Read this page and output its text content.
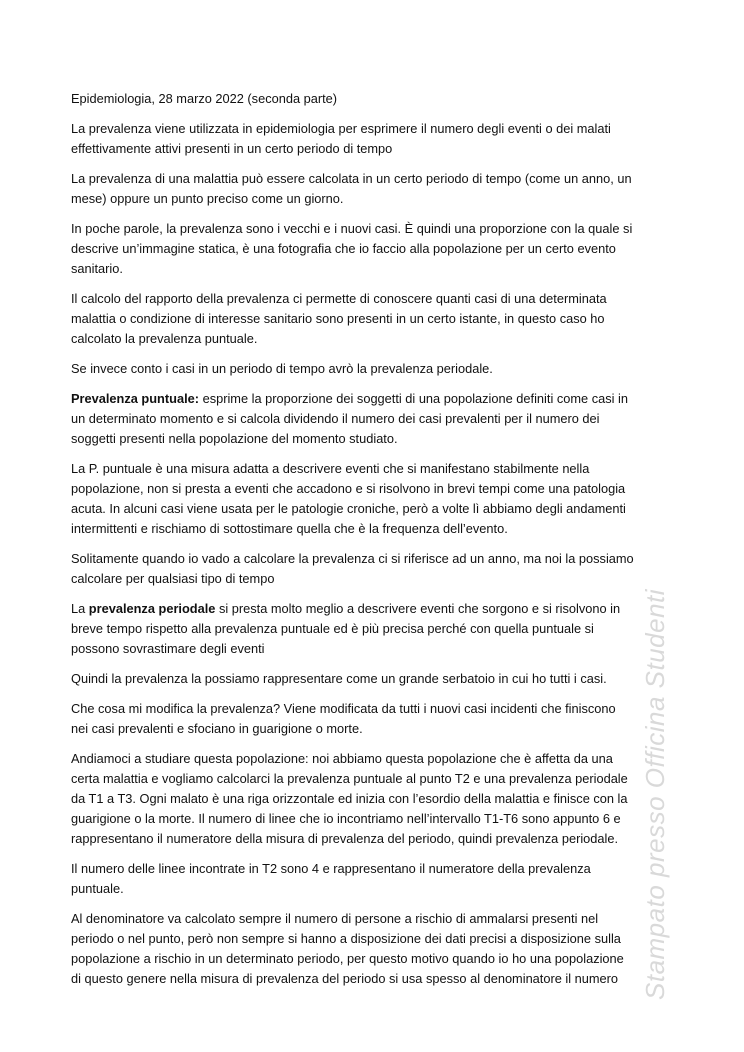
Stampato presso Officina Studenti
Epidemiologia, 28 marzo 2022 (seconda parte)
La prevalenza viene utilizzata in epidemiologia per esprimere il numero degli eventi o dei malati
effettivamente attivi presenti in un certo periodo di tempo
La prevalenza di una malattia può essere calcolata in un certo periodo di tempo (come un anno, un
mese) oppure un punto preciso come un giorno.
In poche parole, la prevalenza sono i vecchi e i nuovi casi. È quindi una proporzione con la quale si
descrive un’immagine statica, è una fotografia che io faccio alla popolazione per un certo evento
sanitario.
Il calcolo del rapporto della prevalenza ci permette di conoscere quanti casi di una determinata
malattia o condizione di interesse sanitario sono presenti in un certo istante, in questo caso ho
calcolato la prevalenza puntuale.
Se invece conto i casi in un periodo di tempo avrò la prevalenza periodale.
Prevalenza puntuale: esprime la proporzione dei soggetti di una popolazione definiti come casi in
un determinato momento e si calcola dividendo il numero dei casi prevalenti per il numero dei
soggetti presenti nella popolazione del momento studiato.
La P. puntuale è una misura adatta a descrivere eventi che si manifestano stabilmente nella
popolazione, non si presta a eventi che accadono e si risolvono in brevi tempi come una patologia
acuta. In alcuni casi viene usata per le patologie croniche, però a volte lì abbiamo degli andamenti
intermittenti e rischiamo di sottostimare quella che è la frequenza dell’evento.
Solitamente quando io vado a calcolare la prevalenza ci si riferisce ad un anno, ma noi la possiamo
calcolare per qualsiasi tipo di tempo
La prevalenza periodale si presta molto meglio a descrivere eventi che sorgono e si risolvono in
breve tempo rispetto alla prevalenza puntuale ed è più precisa perché con quella puntuale si
possono sovrastimare degli eventi
Quindi la prevalenza la possiamo rappresentare come un grande serbatoio in cui ho tutti i casi.
Che cosa mi modifica la prevalenza? Viene modificata da tutti i nuovi casi incidenti che finiscono
nei casi prevalenti e sfociano in guarigione o morte.
Andiamoci a studiare questa popolazione: noi abbiamo questa popolazione che è affetta da una
certa malattia e vogliamo calcolarci la prevalenza puntuale al punto T2 e una prevalenza periodale
da T1 a T3. Ogni malato è una riga orizzontale ed inizia con l’esordio della malattia e finisce con la
guarigione o la morte. Il numero di linee che io incontriamo nell’intervallo T1-T6 sono appunto 6 e
rappresentano il numeratore della misura di prevalenza del periodo, quindi prevalenza periodale.
Il numero delle linee incontrate in T2 sono 4 e rappresentano il numeratore della prevalenza
puntuale.
Al denominatore va calcolato sempre il numero di persone a rischio di ammalarsi presenti nel
periodo o nel punto, però non sempre si hanno a disposizione dei dati precisi a disposizione sulla
popolazione a rischio in un determinato periodo, per questo motivo quando io ho una popolazione
di questo genere nella misura di prevalenza del periodo si usa spesso al denominatore il numero
